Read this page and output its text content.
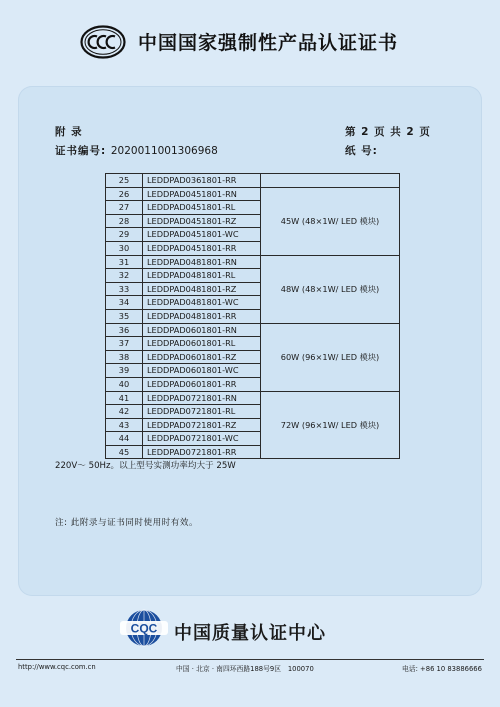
中国国家强制性产品认证证书
附 录	第 2 页 共 2 页
证书编号: 2020011001306968	纸 号:
25	LEDDPAD0361801-RR	
26	LEDDPAD0451801-RN	45W (48×1W/ LED 模块)
27	LEDDPAD0451801-RL	
28	LEDDPAD0451801-RZ	
29	LEDDPAD0451801-WC	
30	LEDDPAD0451801-RR	
31	LEDDPAD0481801-RN	48W (48×1W/ LED 模块)
32	LEDDPAD0481801-RL	
33	LEDDPAD0481801-RZ	
34	LEDDPAD0481801-WC	
35	LEDDPAD0481801-RR	
36	LEDDPAD0601801-RN	60W (96×1W/ LED 模块)
37	LEDDPAD0601801-RL	
38	LEDDPAD0601801-RZ	
39	LEDDPAD0601801-WC	
40	LEDDPAD0601801-RR	
41	LEDDPAD0721801-RN	72W (96×1W/ LED 模块)
42	LEDDPAD0721801-RL	
43	LEDDPAD0721801-RZ	
44	LEDDPAD0721801-WC	
45	LEDDPAD0721801-RR	
220V～ 50Hz。以上型号实测功率均大于 25W
注: 此附录与证书同时使用时有效。
CQC 中国质量认证中心
http://www.cqc.com.cn	中国 · 北京 · 南四环西路188号9区　100070	电话: +86 10 83886666
